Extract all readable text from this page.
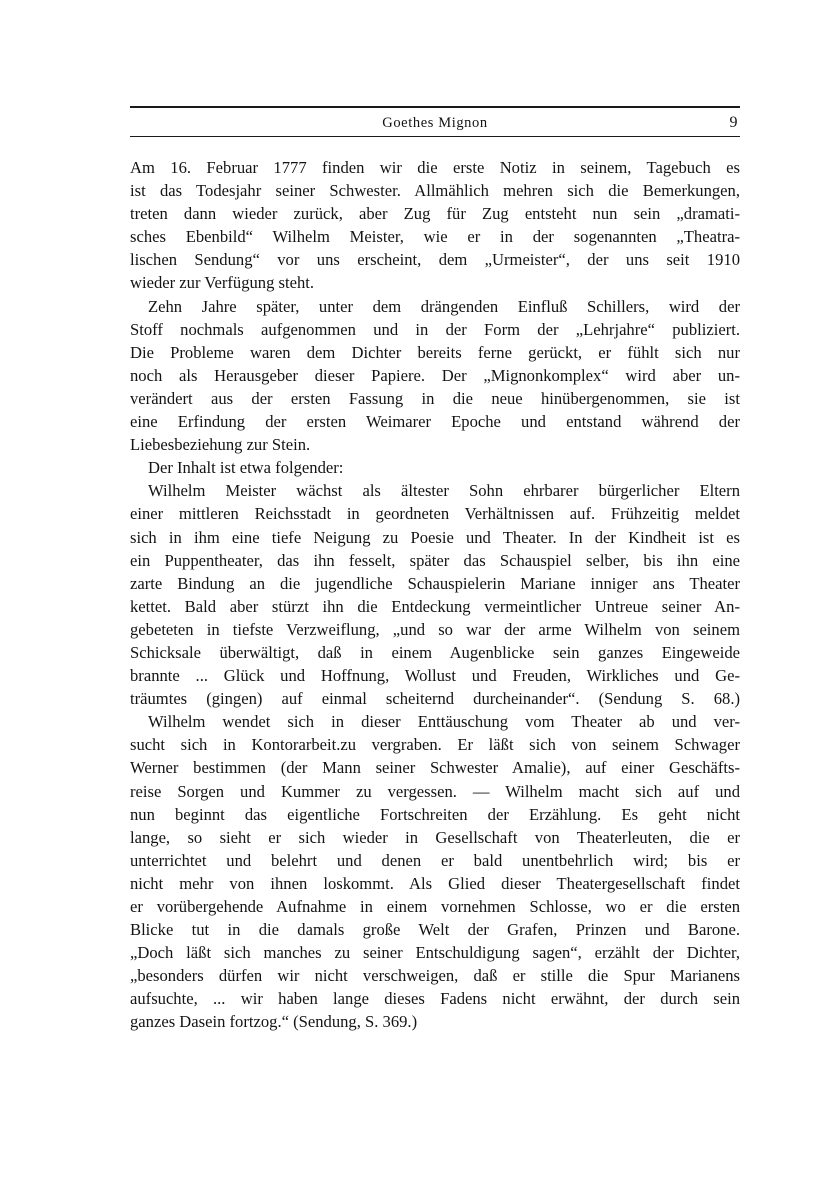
Goethes Mignon	9
Am 16. Februar 1777 finden wir die erste Notiz in seinem, Tagebuch es
ist das Todesjahr seiner Schwester. Allmählich mehren sich die Bemerkungen,
treten dann wieder zurück, aber Zug für Zug entsteht nun sein „dramati-
sches Ebenbild“ Wilhelm Meister, wie er in der sogenannten „Theatra-
lischen Sendung“ vor uns erscheint, dem „Urmeister“, der uns seit 1910
wieder zur Verfügung steht.
Zehn Jahre später, unter dem drängenden Einfluß Schillers, wird der
Stoff nochmals aufgenommen und in der Form der „Lehrjahre“ publiziert.
Die Probleme waren dem Dichter bereits ferne gerückt, er fühlt sich nur
noch als Herausgeber dieser Papiere. Der „Mignonkomplex“ wird aber un-
verändert aus der ersten Fassung in die neue hinübergenommen, sie ist
eine Erfindung der ersten Weimarer Epoche und entstand während der
Liebesbeziehung zur Stein.
Der Inhalt ist etwa folgender:
Wilhelm Meister wächst als ältester Sohn ehrbarer bürgerlicher Eltern
einer mittleren Reichsstadt in geordneten Verhältnissen auf. Frühzeitig meldet
sich in ihm eine tiefe Neigung zu Poesie und Theater. In der Kindheit ist es
ein Puppentheater, das ihn fesselt, später das Schauspiel selber, bis ihn eine
zarte Bindung an die jugendliche Schauspielerin Mariane inniger ans Theater
kettet. Bald aber stürzt ihn die Entdeckung vermeintlicher Untreue seiner An-
gebeteten in tiefste Verzweiflung, „und so war der arme Wilhelm von seinem
Schicksale überwältigt, daß in einem Augenblicke sein ganzes Eingeweide
brannte ... Glück und Hoffnung, Wollust und Freuden, Wirkliches und Ge-
träumtes (gingen) auf einmal scheiternd durcheinander“. (Sendung S. 68.)
Wilhelm wendet sich in dieser Enttäuschung vom Theater ab und ver-
sucht sich in Kontorarbeit.zu vergraben. Er läßt sich von seinem Schwager
Werner bestimmen (der Mann seiner Schwester Amalie), auf einer Geschäfts-
reise Sorgen und Kummer zu vergessen. — Wilhelm macht sich auf und
nun beginnt das eigentliche Fortschreiten der Erzählung. Es geht nicht
lange, so sieht er sich wieder in Gesellschaft von Theaterleuten, die er
unterrichtet und belehrt und denen er bald unentbehrlich wird; bis er
nicht mehr von ihnen loskommt. Als Glied dieser Theatergesellschaft findet
er vorübergehende Aufnahme in einem vornehmen Schlosse, wo er die ersten
Blicke tut in die damals große Welt der Grafen, Prinzen und Barone.
„Doch läßt sich manches zu seiner Entschuldigung sagen“, erzählt der Dichter,
„besonders dürfen wir nicht verschweigen, daß er stille die Spur Marianens
aufsuchte, ... wir haben lange dieses Fadens nicht erwähnt, der durch sein
ganzes Dasein fortzog.“ (Sendung, S. 369.)
